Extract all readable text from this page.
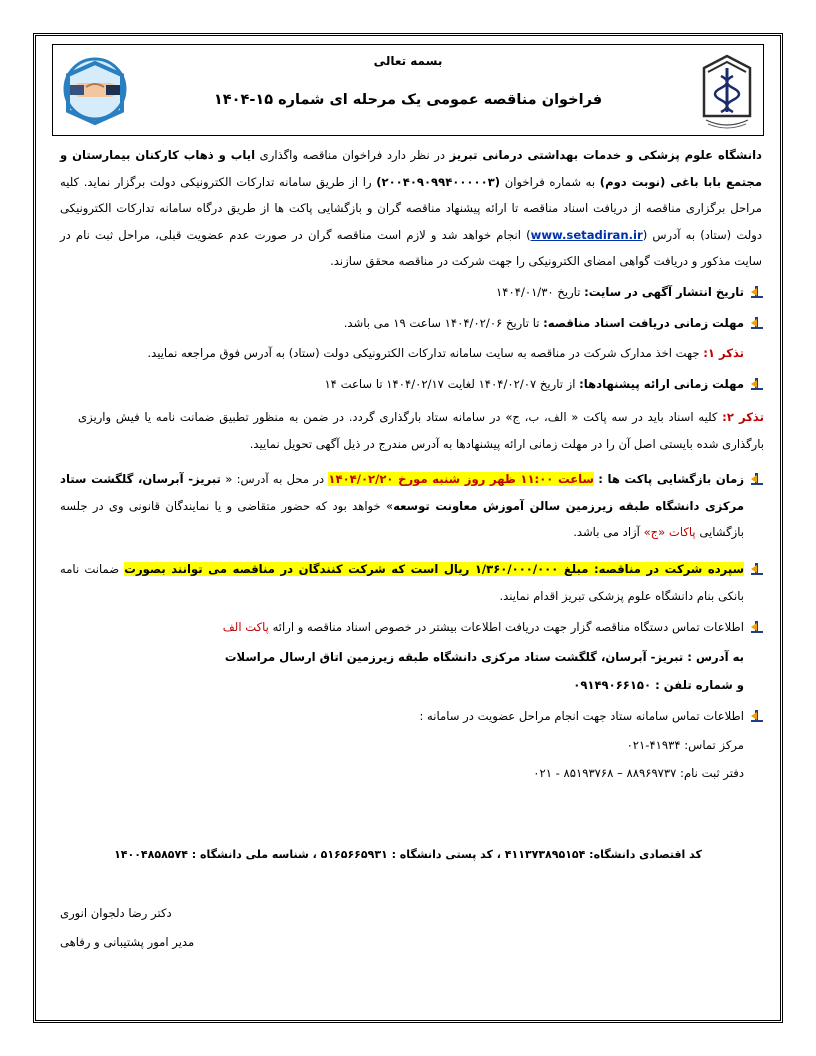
بسمه تعالی
فراخوان مناقصه عمومی یک مرحله ای شماره ۱۵-۱۴۰۴
دانشگاه علوم پزشکی و خدمات بهداشتی درمانی تبریز در نظر دارد فراخوان مناقصه واگذاری ایاب و ذهاب کارکنان بیمارستان و مجتمع بابا باغی (نوبت دوم) به شماره فراخوان (۲۰۰۴۰۹۰۹۹۴۰۰۰۰۰۳) را از طریق سامانه تدارکات الکترونیکی دولت برگزار نماید. کلیه مراحل برگزاری مناقصه از دریافت اسناد مناقصه تا ارائه پیشنهاد مناقصه گران و بازگشایی پاکت ها از طریق درگاه سامانه تدارکات الکترونیکی دولت (ستاد) به آدرس (www.setadiran.ir) انجام خواهد شد و لازم است مناقصه گران در صورت عدم عضویت قبلی، مراحل ثبت نام در سایت مذکور و دریافت گواهی امضای الکترونیکی را جهت شرکت در مناقصه محقق سازند.
تاریخ انتشار آگهی در سایت: تاریخ ۱۴۰۴/۰۱/۳۰
مهلت زمانی دریافت اسناد مناقصه: تا تاریخ ۱۴۰۴/۰۲/۰۶ ساعت ۱۹ می باشد.
تذکر ۱: جهت اخذ مدارک شرکت در مناقصه به سایت سامانه تدارکات الکترونیکی دولت (ستاد) به آدرس فوق مراجعه نمایید.
مهلت زمانی ارائه پیشنهادها: از تاریخ ۱۴۰۴/۰۲/۰۷ لغایت ۱۴۰۴/۰۲/۱۷ تا ساعت ۱۴
تذکر ۲: کلیه اسناد باید در سه پاکت « الف، ب، ج» در سامانه ستاد بارگذاری گردد. در ضمن به منظور تطبیق ضمانت نامه یا فیش واریزی بارگذاری شده بایستی اصل آن را در مهلت زمانی ارائه پیشنهادها به آدرس مندرج در ذیل آگهی تحویل نمایید.
زمان بازگشایی پاکت ها : ساعت ۱۱:۰۰ ظهر روز شنبه مورخ ۱۴۰۴/۰۲/۲۰ در محل به آدرس: « تبریز- آبرسان، گلگشت ستاد مرکزی دانشگاه طبقه زیرزمین سالن آموزش معاونت توسعه» خواهد بود که حضور متقاضی و یا نمایندگان قانونی وی در جلسه بازگشایی پاکات «ج» آزاد می باشد.
سپرده شرکت در مناقصه: مبلغ ۱/۳۶۰/۰۰۰/۰۰۰ ریال است که شرکت کنندگان در مناقصه می توانند بصورت ضمانت نامه بانکی بنام دانشگاه علوم پزشکی تبریز اقدام نمایند.
اطلاعات تماس دستگاه مناقصه گزار جهت دریافت اطلاعات بیشتر در خصوص اسناد مناقصه و ارائه پاکت الف
به آدرس : تبریز- آبرسان، گلگشت ستاد مرکزی دانشگاه طبقه زیرزمین اتاق ارسال مراسلات
و شماره تلفن : ۰۹۱۴۹۰۶۶۱۵۰
اطلاعات تماس سامانه ستاد جهت انجام مراحل عضویت در سامانه :
مرکز تماس: ۴۱۹۳۴-۰۲۱
دفتر ثبت نام: ۸۸۹۶۹۷۳۷ – ۸۵۱۹۳۷۶۸ - ۰۲۱
کد اقتصادی دانشگاه: ۴۱۱۳۷۳۸۹۵۱۵۴ ، کد پستی دانشگاه : ۵۱۶۵۶۶۵۹۳۱ ، شناسه ملی دانشگاه : ۱۴۰۰۴۸۵۸۵۷۴
دکتر رضا دلجوان انوری
مدیر امور پشتیبانی و رفاهی
